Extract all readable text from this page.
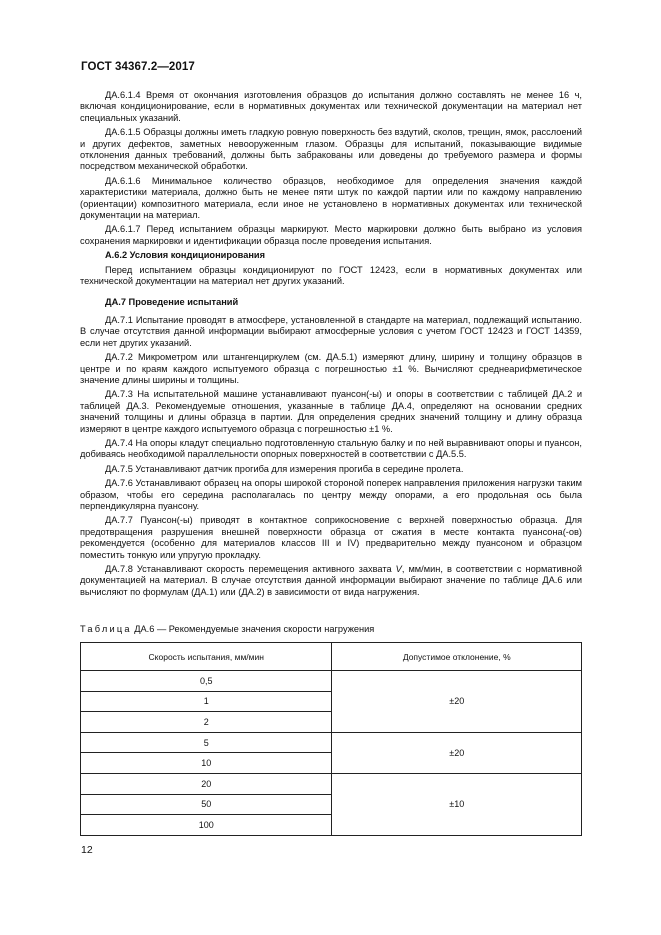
ГОСТ 34367.2—2017

ДА.6.1.4 Время от окончания изготовления образцов до испытания должно составлять не менее 16 ч, включая кондиционирование, если в нормативных документах или технической документации на материал нет специальных указаний.

ДА.6.1.5 Образцы должны иметь гладкую ровную поверхность без вздутий, сколов, трещин, ямок, расслоений и других дефектов, заметных невооруженным глазом. Образцы для испытаний, показывающие видимые отклонения данных требований, должны быть забракованы или доведены до требуемого размера и формы посредством механической обработки.

ДА.6.1.6 Минимальное количество образцов, необходимое для определения значения каждой характеристики материала, должно быть не менее пяти штук по каждой партии или по каждому направлению (ориентации) композитного материала, если иное не установлено в нормативных документах или технической документации на материал.

ДА.6.1.7 Перед испытанием образцы маркируют. Место маркировки должно быть выбрано из условия сохранения маркировки и идентификации образца после проведения испытания.

А.6.2 Условия кондиционирования

Перед испытанием образцы кондиционируют по ГОСТ 12423, если в нормативных документах или технической документации на материал нет других указаний.

ДА.7 Проведение испытаний

ДА.7.1 Испытание проводят в атмосфере, установленной в стандарте на материал, подлежащий испытанию. В случае отсутствия данной информации выбирают атмосферные условия с учетом ГОСТ 12423 и ГОСТ 14359, если нет других указаний.

ДА.7.2 Микрометром или штангенциркулем (см. ДА.5.1) измеряют длину, ширину и толщину образцов в центре и по краям каждого испытуемого образца с погрешностью ±1 %. Вычисляют среднеарифметическое значение длины ширины и толщины.

ДА.7.3 На испытательной машине устанавливают пуансон(-ы) и опоры в соответствии с таблицей ДА.2 и таблицей ДА.3. Рекомендуемые отношения, указанные в таблице ДА.4, определяют на основании средних значений толщины и длины образца в партии. Для определения средних значений толщину и длину образца измеряют в центре каждого испытуемого образца с погрешностью ±1 %.

ДА.7.4 На опоры кладут специально подготовленную стальную балку и по ней выравнивают опоры и пуансон, добиваясь необходимой параллельности опорных поверхностей в соответствии с ДА.5.5.

ДА.7.5 Устанавливают датчик прогиба для измерения прогиба в середине пролета.

ДА.7.6 Устанавливают образец на опоры широкой стороной поперек направления приложения нагрузки таким образом, чтобы его середина располагалась по центру между опорами, а его продольная ось была перпендикулярна пуансону.

ДА.7.7 Пуансон(-ы) приводят в контактное соприкосновение с верхней поверхностью образца. Для предотвращения разрушения внешней поверхности образца от сжатия в месте контакта пуансона(-ов) рекомендуется (особенно для материалов классов III и IV) предварительно между пуансоном и образцом поместить тонкую или упругую прокладку.

ДА.7.8 Устанавливают скорость перемещения активного захвата V, мм/мин, в соответствии с нормативной документацией на материал. В случае отсутствия данной информации выбирают значение по таблице ДА.6 или вычисляют по формулам (ДА.1) или (ДА.2) в зависимости от вида нагружения.

Таблица ДА.6 — Рекомендуемые значения скорости нагружения
Скорость испытания, мм/мин	Допустимое отклонение, %
0,5	±20
1	
2	
5	±20
10	
20	±10
50	
100	
12
